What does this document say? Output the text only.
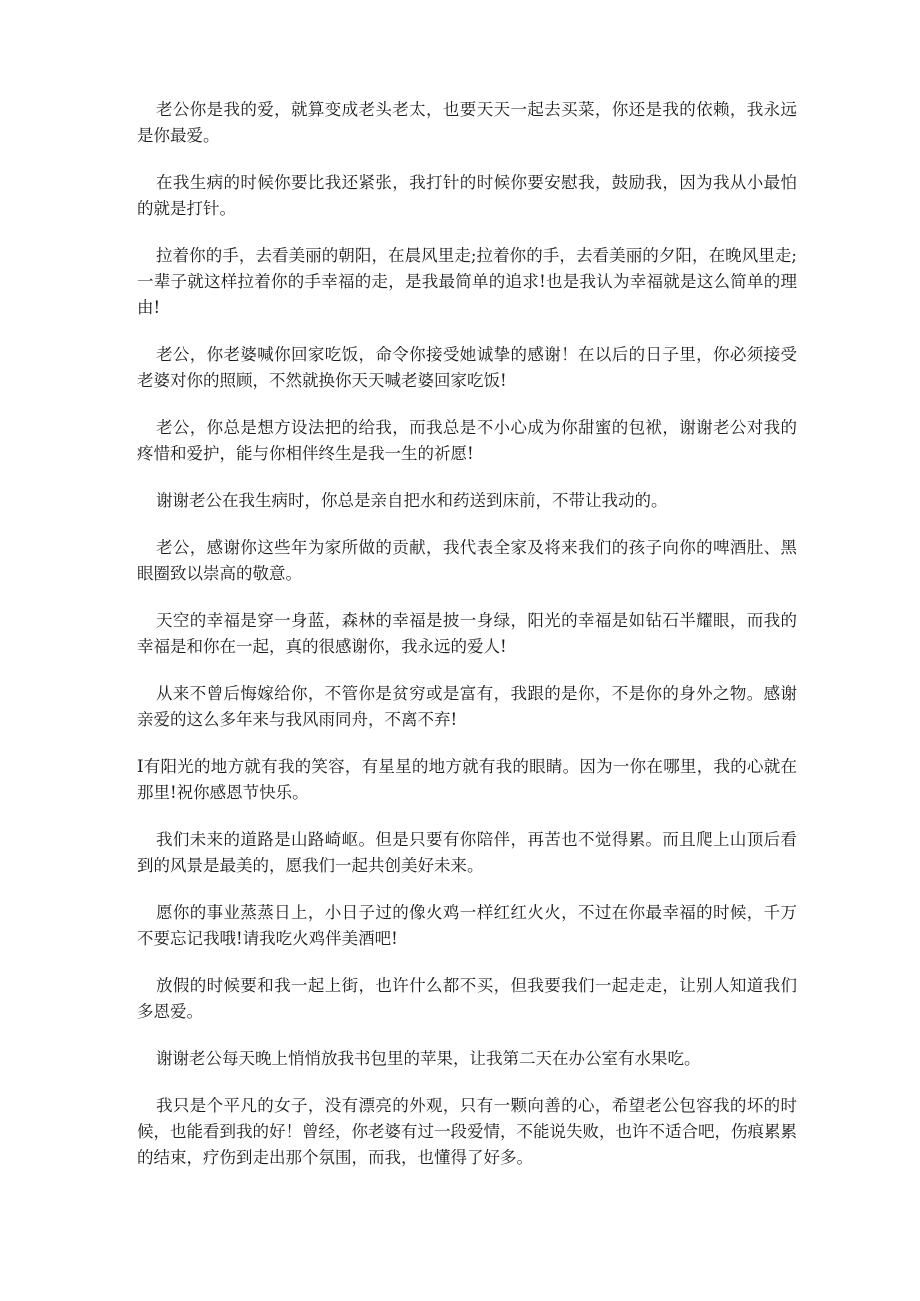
老公你是我的爱，就算变成老头老太，也要天天一起去买菜，你还是我的依赖，我永远是你最爱。

在我生病的时候你要比我还紧张，我打针的时候你要安慰我，鼓励我，因为我从小最怕的就是打针。

拉着你的手，去看美丽的朝阳，在晨风里走;拉着你的手，去看美丽的夕阳，在晚风里走;一辈子就这样拉着你的手幸福的走，是我最简单的追求!也是我认为幸福就是这么简单的理由!

老公，你老婆喊你回家吃饭，命令你接受她诚挚的感谢！在以后的日子里，你必须接受老婆对你的照顾，不然就换你天天喊老婆回家吃饭!

老公，你总是想方设法把的给我，而我总是不小心成为你甜蜜的包袱，谢谢老公对我的疼惜和爱护，能与你相伴终生是我一生的祈愿!

谢谢老公在我生病时，你总是亲自把水和药送到床前，不带让我动的。

老公，感谢你这些年为家所做的贡献，我代表全家及将来我们的孩子向你的啤酒肚、黑眼圈致以崇高的敬意。

天空的幸福是穿一身蓝，森林的幸福是披一身绿，阳光的幸福是如钻石半耀眼，而我的幸福是和你在一起，真的很感谢你，我永远的爱人!

从来不曾后悔嫁给你，不管你是贫穷或是富有，我跟的是你，不是你的身外之物。感谢亲爱的这么多年来与我风雨同舟，不离不弃!

I有阳光的地方就有我的笑容，有星星的地方就有我的眼睛。因为一你在哪里，我的心就在那里!祝你感恩节快乐。

我们未来的道路是山路崎岖。但是只要有你陪伴，再苦也不觉得累。而且爬上山顶后看到的风景是最美的，愿我们一起共创美好未来。

愿你的事业蒸蒸日上，小日子过的像火鸡一样红红火火，不过在你最幸福的时候，千万不要忘记我哦!请我吃火鸡伴美酒吧!

放假的时候要和我一起上街，也许什么都不买，但我要我们一起走走，让别人知道我们多恩爱。

谢谢老公每天晚上悄悄放我书包里的苹果，让我第二天在办公室有水果吃。

我只是个平凡的女子，没有漂亮的外观，只有一颗向善的心，希望老公包容我的坏的时候，也能看到我的好！曾经，你老婆有过一段爱情，不能说失败，也许不适合吧，伤痕累累的结束，疗伤到走出那个氛围，而我，也懂得了好多。
